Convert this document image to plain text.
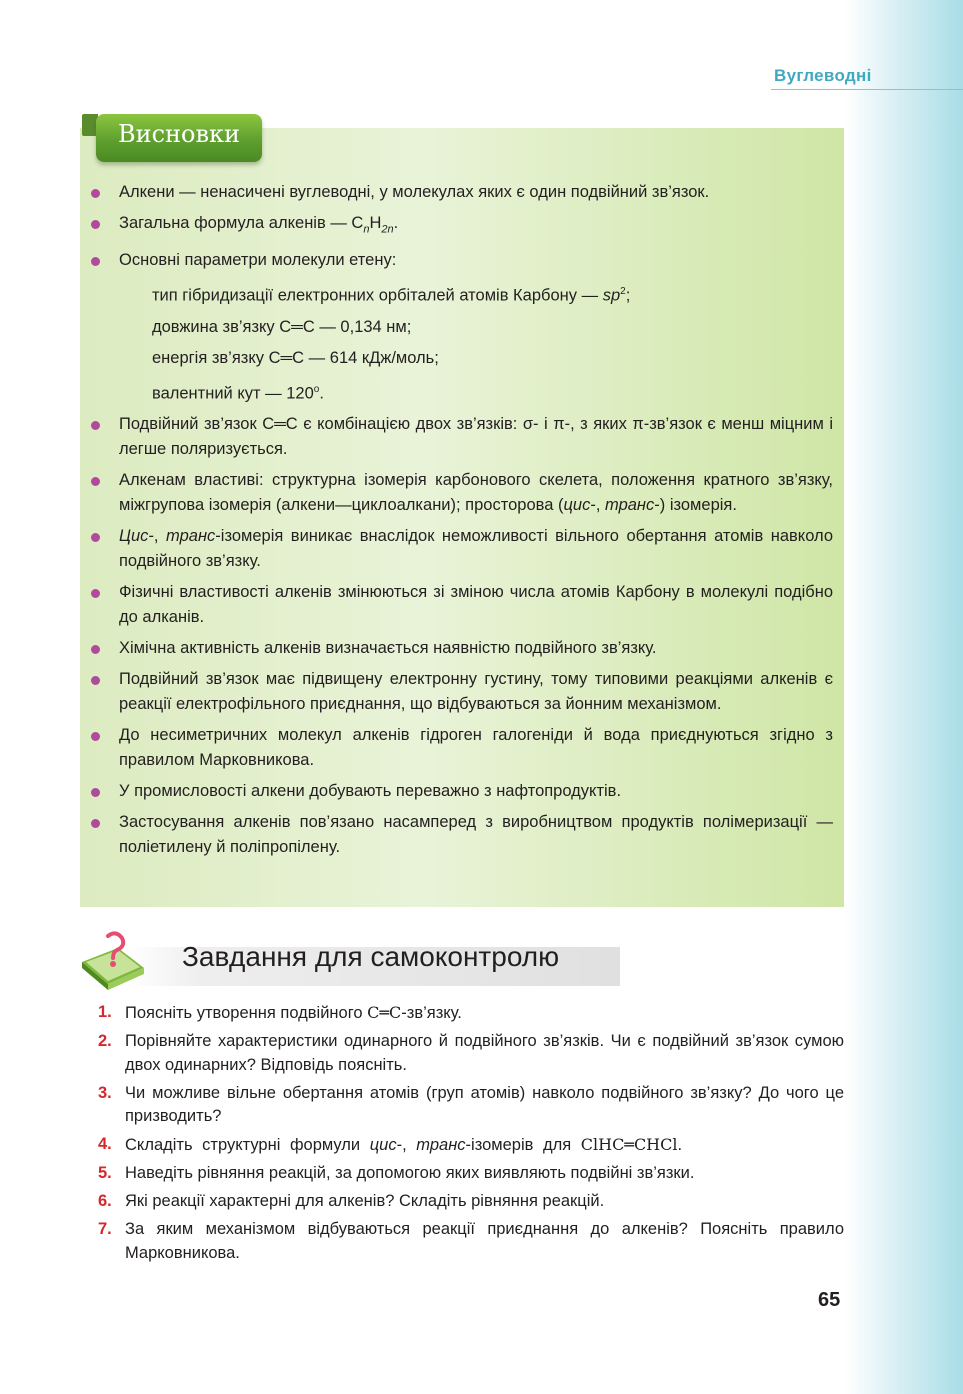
Вуглеводні
Висновки
Алкени — ненасичені вуглеводні, у молекулах яких є один подвійний зв’язок.
Загальна формула алкенів — $C_nH_{2n}$.
Основні параметри молекули етену:
тип гібридизації електронних орбіталей атомів Карбону — $sp^2$;
довжина зв’язку C═C — 0,134 нм;
енергія зв’язку C═C — 614 кДж/моль;
валентний кут — 120$^o$.
Подвійний зв’язок C═C є комбінацією двох зв’язків: σ- і π-, з яких π-зв’язок є менш міцним і легше поляризується.
Алкенам властиві: структурна ізомерія карбонового скелета, положення кратного зв’язку, міжгрупова ізомерія (алкени—циклоалкани); просторова (цис-, транс-) ізомерія.
Цис-, транс-ізомерія виникає внаслідок неможливості вільного обертання атомів навколо подвійного зв’язку.
Фізичні властивості алкенів змінюються зі зміною числа атомів Карбону в молекулі подібно до алканів.
Хімічна активність алкенів визначається наявністю подвійного зв’язку.
Подвійний зв’язок має підвищену електронну густину, тому типовими реакціями алкенів є реакції електрофільного приєднання, що відбуваються за йонним механізмом.
До несиметричних молекул алкенів гідроген галогеніди й вода приєднуються згідно з правилом Марковникова.
У промисловості алкени добувають переважно з нафтопродуктів.
Застосування алкенів пов’язано насамперед з виробництвом продуктів полімеризації — поліетилену й поліпропілену.
Завдання для самоконтролю
1. Поясніть утворення подвійного C═C-зв’язку.
2. Порівняйте характеристики одинарного й подвійного зв’язків. Чи є подвійний зв’язок сумою двох одинарних? Відповідь поясніть.
3. Чи можливе вільне обертання атомів (груп атомів) навколо подвійного зв’язку? До чого це призводить?
4. Складіть структурні формули цис-, транс-ізомерів для ClHC═CHCl.
5. Наведіть рівняння реакцій, за допомогою яких виявляють подвійні зв’язки.
6. Які реакції характерні для алкенів? Складіть рівняння реакцій.
7. За яким механізмом відбуваються реакції приєднання до алкенів? Поясніть правило Марковникова.
65
